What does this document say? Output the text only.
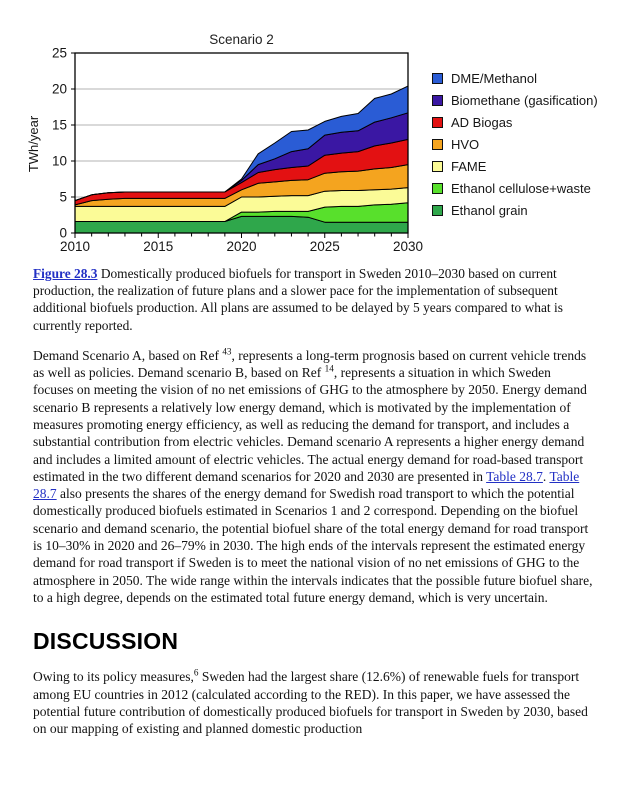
0
5
10
15
20
25
2010	2015	2020	2025	2030
Scenario 2
TWh/year
DME/Methanol
Biomethane (gasification)
AD Biogas
HVO
FAME
Ethanol cellulose+waste
Ethanol grain

Figure 28.3 Domestically produced biofuels for transport in Sweden 2010–2030 based on current production, the realization of future plans and a slower pace for the implementation of subsequent additional biofuels production. All plans are assumed to be delayed by 5 years compared to what is currently reported.

Demand Scenario A, based on Ref $^{43}$, represents a long-term prognosis based on current vehicle trends as well as policies. Demand scenario B, based on Ref $^{14}$, represents a situation in which Sweden focuses on meeting the vision of no net emissions of GHG to the atmosphere by 2050. Energy demand scenario B represents a relatively low energy demand, which is motivated by the implementation of measures promoting energy efficiency, as well as reducing the demand for transport, and includes a substantial contribution from electric vehicles. Demand scenario A represents a higher energy demand and includes a limited amount of electric vehicles. The actual energy demand for road-based transport estimated in the two different demand scenarios for 2020 and 2030 are presented in Table 28.7. Table 28.7 also presents the shares of the energy demand for Swedish road transport to which the potential domestically produced biofuels estimated in Scenarios 1 and 2 correspond. Depending on the biofuel scenario and demand scenario, the potential biofuel share of the total energy demand for road transport is 10–30% in 2020 and 26–79% in 2030. The high ends of the intervals represent the estimated energy demand for road transport if Sweden is to meet the national vision of no net emissions of GHG to the atmosphere in 2050. The wide range within the intervals indicates that the possible future biofuel share, to a high degree, depends on the estimated total future energy demand, which is very uncertain.

DISCUSSION

Owing to its policy measures,$^6$ Sweden had the largest share (12.6%) of renewable fuels for transport among EU countries in 2012 (calculated according to the RED). In this paper, we have assessed the potential future contribution of domestically produced biofuels for transport in Sweden by 2030, based on our mapping of existing and planned domestic production
